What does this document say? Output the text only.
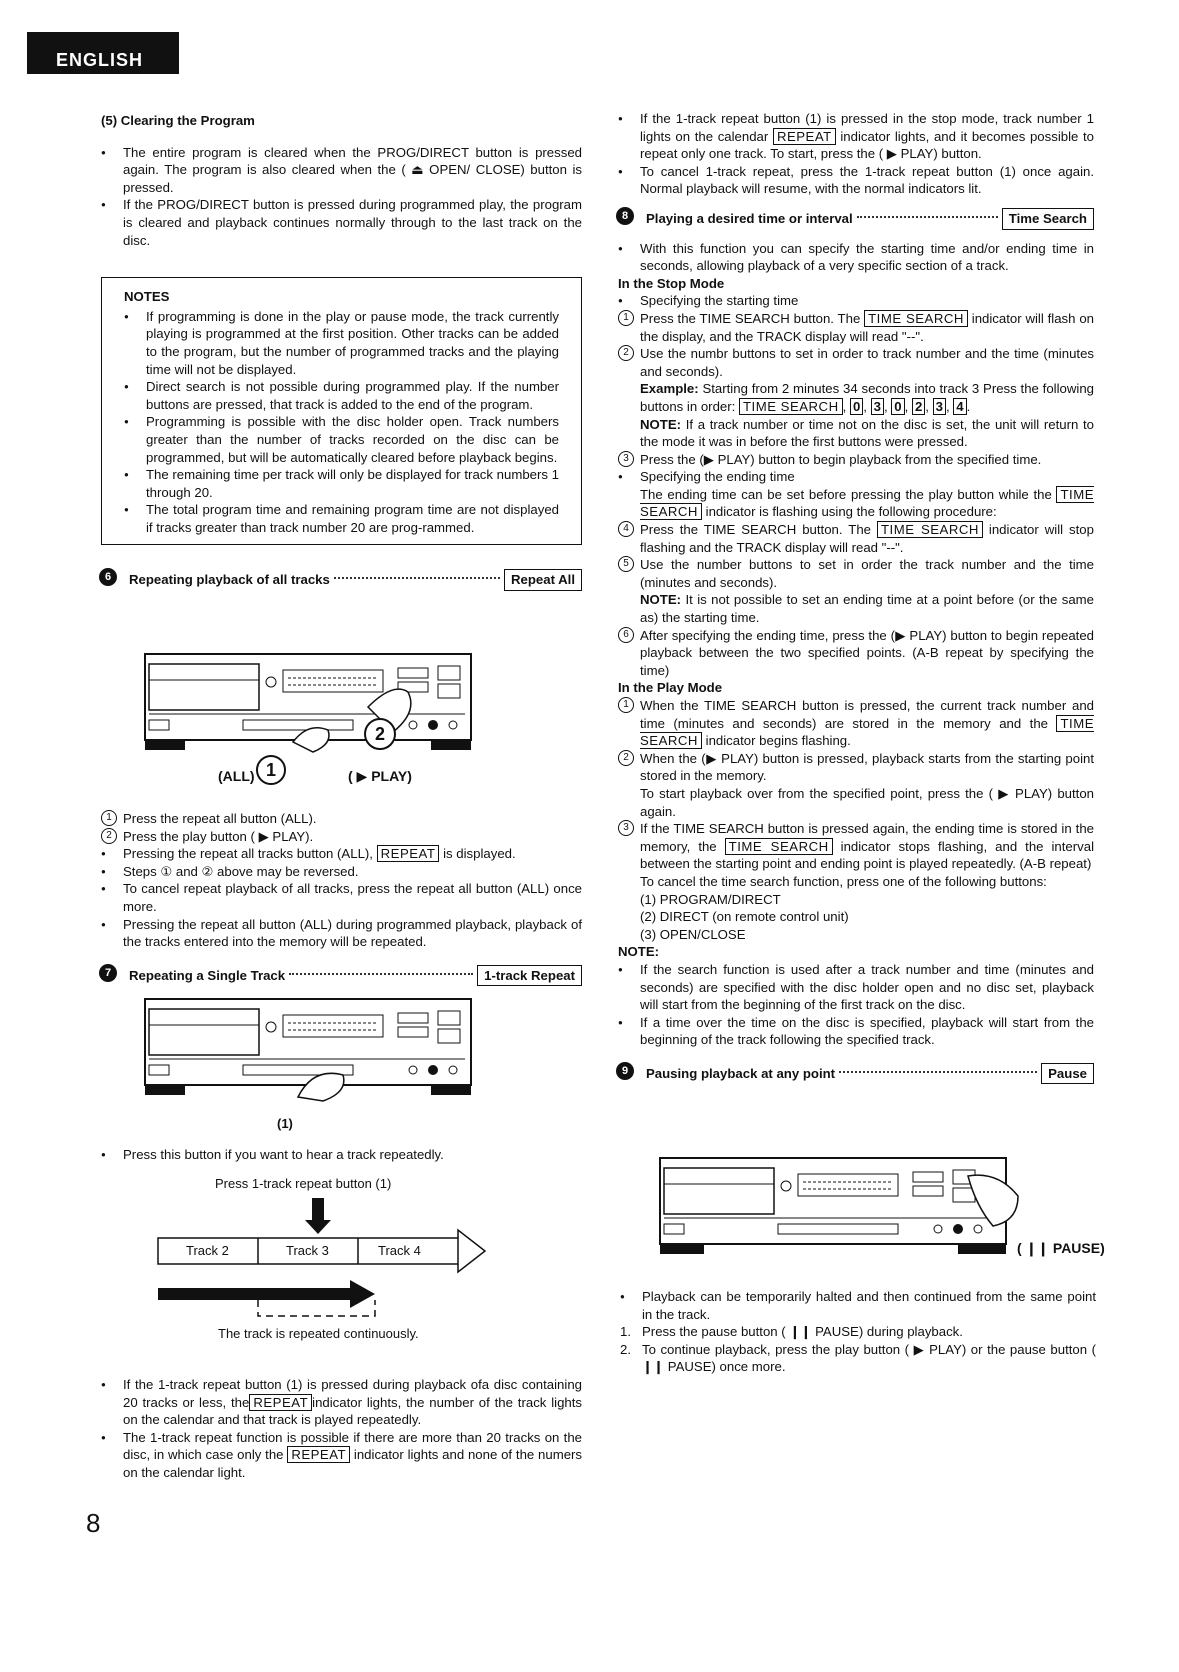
ENGLISH

(5) Clearing the Program

● The entire program is cleared when the PROG/DIRECT button is pressed again. The program is also cleared when the ( ⏏ OPEN/ CLOSE) button is pressed.

● If the PROG/DIRECT button is pressed during programmed play, the program is cleared and playback continues normally through to the last track on the disc.

NOTES

● If programming is done in the play or pause mode, the track currently playing is programmed at the first position. Other tracks can be added to the program, but the number of programmed tracks and the playing time will not be displayed.

● Direct search is not possible during programmed play. If the number buttons are pressed, that track is added to the end of the program.

● Programming is possible with the disc holder open. Track numbers greater than the number of tracks recorded on the disc can be programmed, but will be automatically cleared before playback begins.

● The remaining time per track will only be displayed for track numbers 1 through 20.

● The total program time and remaining program time are not displayed if tracks greater than track number 20 are prog-rammed.

6	Repeating playback of all tracks	Repeat All
(ALL) 1
2
( ▶ PLAY)

1 Press the repeat all button (ALL).

2 Press the play button ( ▶ PLAY).

● Pressing the repeat all tracks button (ALL), REPEAT is displayed.

● Steps ① and ② above may be reversed.

● To cancel repeat playback of all tracks, press the repeat all button (ALL) once more.

● Pressing the repeat all button (ALL) during programmed playback, playback of the tracks entered into the memory will be repeated.

7	Repeating a Single Track	1-track Repeat
(1)

● Press this button if you want to hear a track repeatedly.

Press 1-track repeat button (1)
Track 2	Track 3	Track 4
The track is repeated continuously.

● If the 1-track repeat button (1) is pressed during playback ofa disc containing 20 tracks or less, the REPEAT indicator lights, the number of the track lights on the calendar and that track is played repeatedly.

● The 1-track repeat function is possible if there are more than 20 tracks on the disc, in which case only the REPEAT indicator lights and none of the numers on the calendar light.

8

● If the 1-track repeat button (1) is pressed in the stop mode, track number 1 lights on the calendar REPEAT indicator lights, and it becomes possible to repeat only one track. To start, press the ( ▶ PLAY) button.

● To cancel 1-track repeat, press the 1-track repeat button (1) once again. Normal playback will resume, with the normal indicators lit.

8	Playing a desired time or interval	Time Search

● With this function you can specify the starting time and/or ending time in seconds, allowing playback of a very specific section of a track.

In the Stop Mode

● Specifying the starting time

1 Press the TIME SEARCH button. The TIME SEARCH indicator will flash on the display, and the TRACK display will read "--".

2 Use the numbr buttons to set in order to track number and the time (minutes and seconds).

Example: Starting from 2 minutes 34 seconds into track 3 Press the following buttons in order: TIME SEARCH , 0 , 3 , 0 , 2 , 3 , 4 .

NOTE: If a track number or time not on the disc is set, the unit will return to the mode it was in before the first buttons were pressed.

3 Press the (▶ PLAY) button to begin playback from the specified time.

● Specifying the ending time

The ending time can be set before pressing the play button while the TIME SEARCH indicator is flashing using the following procedure:

4 Press the TIME SEARCH button. The TIME SEARCH indicator will stop flashing and the TRACK display will read "--".

5 Use the number buttons to set in order the track number and the time (minutes and seconds).

NOTE: It is not possible to set an ending time at a point before (or the same as) the starting time.

6 After specifying the ending time, press the (▶ PLAY) button to begin repeated playback between the two specified points. (A-B repeat by specifying the time)

In the Play Mode

1 When the TIME SEARCH button is pressed, the current track number and time (minutes and seconds) are stored in the memory and the TIME SEARCH indicator begins flashing.

2 When the (▶ PLAY) button is pressed, playback starts from the starting point stored in the memory.

To start playback over from the specified point, press the ( ▶ PLAY) button again.

3 If the TIME SEARCH button is pressed again, the ending time is stored in the memory, the TIME SEARCH indicator stops flashing, and the interval between the starting point and ending point is played repeatedly. (A-B repeat)

To cancel the time search function, press one of the following buttons:

(1) PROGRAM/DIRECT

(2) DIRECT (on remote control unit)

(3) OPEN/CLOSE

NOTE:

● If the search function is used after a track number and time (minutes and seconds) are specified with the disc holder open and no disc set, playback will start from the beginning of the first track on the disc.

● If a time over the time on the disc is specified, playback will start from the beginning of the track following the specified track.

9	Pausing playback at any point	Pause
( ❙❙ PAUSE)

● Playback can be temporarily halted and then continued from the same point in the track.

1. Press the pause button ( ❙❙ PAUSE) during playback.

2. To continue playback, press the play button ( ▶ PLAY) or the pause button ( ❙❙ PAUSE) once more.
